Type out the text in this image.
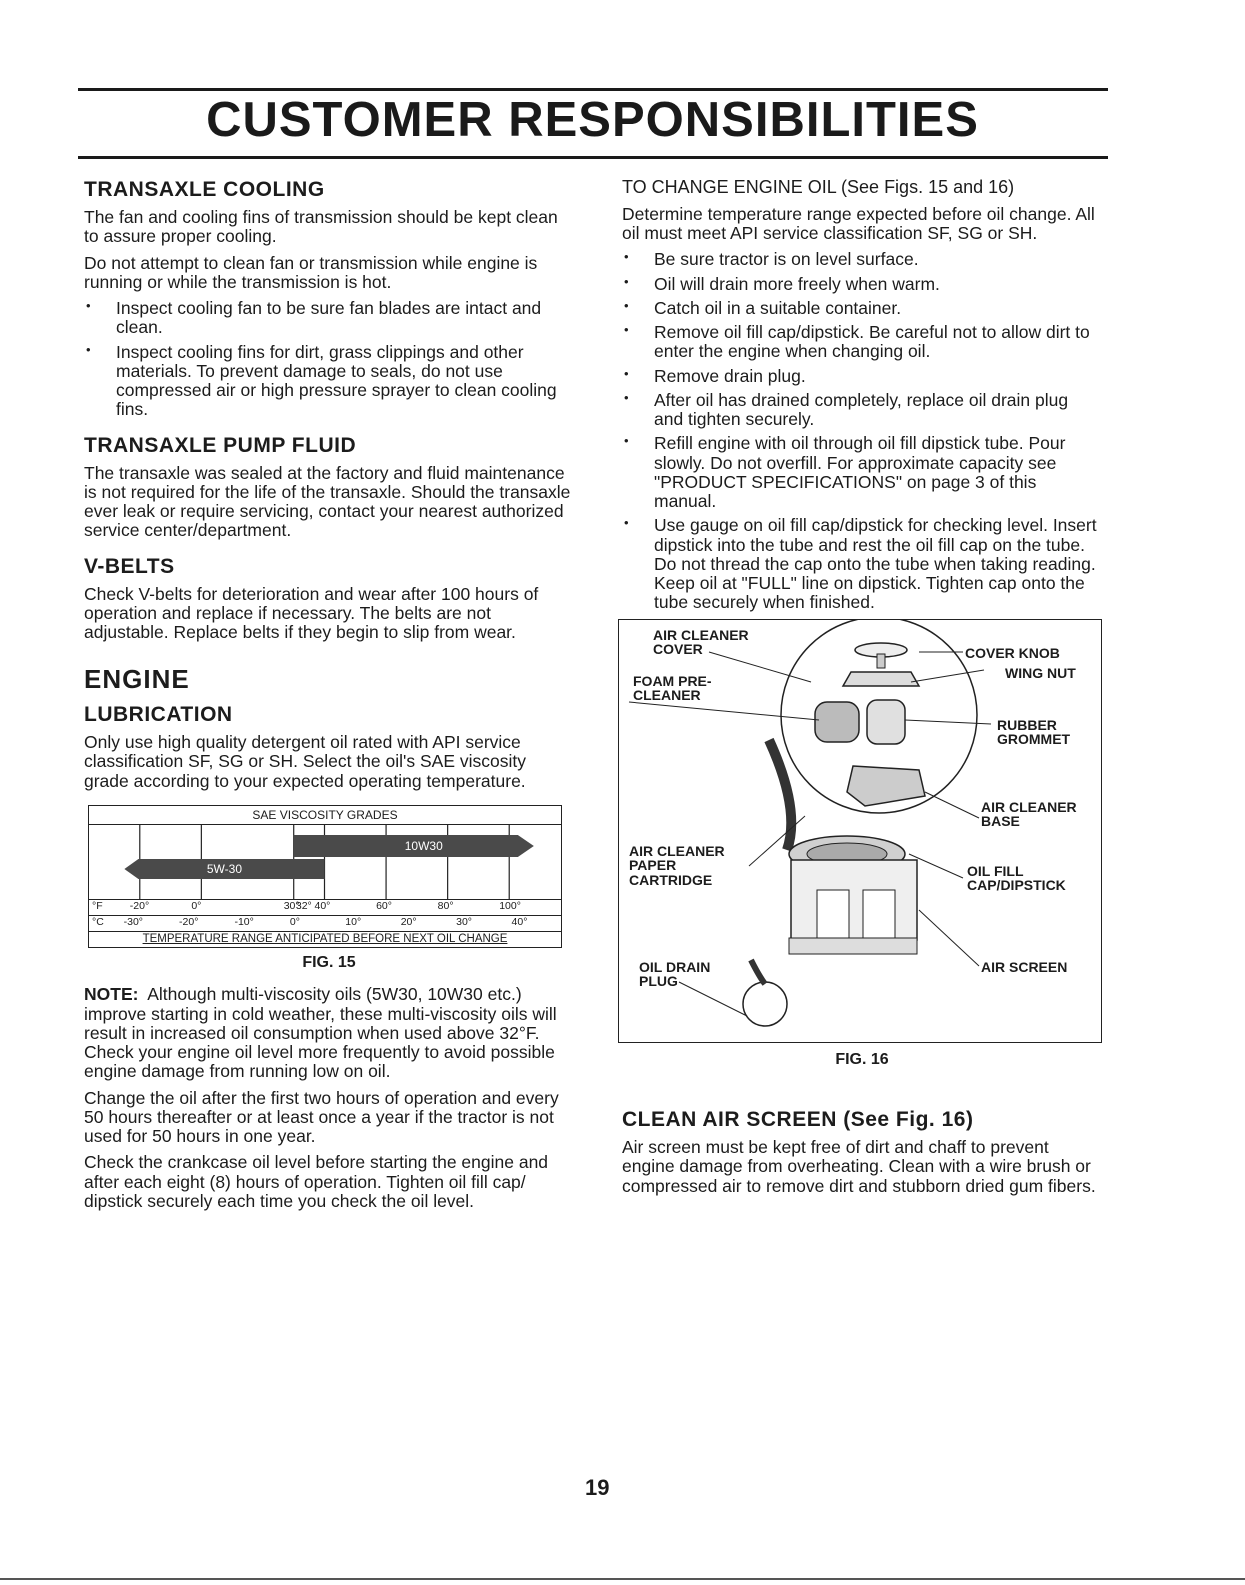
CUSTOMER RESPONSIBILITIES
TRANSAXLE COOLING

The fan and cooling fins of transmission should be kept clean to assure proper cooling.

Do not attempt to clean fan or transmission while engine is running or while the transmission is hot.

• Inspect cooling fan to be sure fan blades are intact and clean.
• Inspect cooling fins for dirt, grass clippings and other materials. To prevent damage to seals, do not use compressed air or high pressure sprayer to clean cooling fins.
TRANSAXLE PUMP FLUID

The transaxle was sealed at the factory and fluid maintenance is not required for the life of the transaxle. Should the transaxle ever leak or require servicing, contact your nearest authorized service center/department.

V-BELTS

Check V-belts for deterioration and wear after 100 hours of operation and replace if necessary. The belts are not adjustable. Replace belts if they begin to slip from wear.

ENGINE
LUBRICATION

Only use high quality detergent oil rated with API service classification SF, SG or SH. Select the oil's SAE viscosity grade according to your expected operating temperature.

SAE VISCOSITY GRADES
10W30
5W-30
°F	-20°	0°	30°
32° 40°	60°	80°	100°
°C -30°	-20°	-10°	0°	10°	20°	30°	40°
TEMPERATURE RANGE ANTICIPATED BEFORE NEXT OIL CHANGE
FIG. 15

NOTE: Although multi-viscosity oils (5W30, 10W30 etc.) improve starting in cold weather, these multi-viscosity oils will result in increased oil consumption when used above 32°F. Check your engine oil level more frequently to avoid possible engine damage from running low on oil.

Change the oil after the first two hours of operation and every 50 hours thereafter or at least once a year if the tractor is not used for 50 hours in one year.

Check the crankcase oil level before starting the engine and after each eight (8) hours of operation. Tighten oil fill cap/ dipstick securely each time you check the oil level.

TO CHANGE ENGINE OIL (See Figs. 15 and 16)

Determine temperature range expected before oil change. All oil must meet API service classification SF, SG or SH.

• Be sure tractor is on level surface.
• Oil will drain more freely when warm.
• Catch oil in a suitable container.
• Remove oil fill cap/dipstick. Be careful not to allow dirt to enter the engine when changing oil.
• Remove drain plug.
• After oil has drained completely, replace oil drain plug and tighten securely.
• Refill engine with oil through oil fill dipstick tube. Pour slowly. Do not overfill. For approximate capacity see "PRODUCT SPECIFICATIONS" on page 3 of this manual.
• Use gauge on oil fill cap/dipstick for checking level. Insert dipstick into the tube and rest the oil fill cap on the tube. Do not thread the cap onto the tube when taking reading. Keep oil at "FULL" line on dipstick. Tighten cap onto the tube securely when finished.
AIR CLEANER COVER	COVER KNOB
WING NUT
FOAM PRE-CLEANER
RUBBER GROMMET
AIR CLEANER BASE
AIR CLEANER PAPER CARTRIDGE
OIL FILL CAP/DIPSTICK
OIL DRAIN PLUG
AIR SCREEN
FIG. 16
CLEAN AIR SCREEN (See Fig. 16)

Air screen must be kept free of dirt and chaff to prevent engine damage from overheating. Clean with a wire brush or compressed air to remove dirt and stubborn dried gum fibers.

19
